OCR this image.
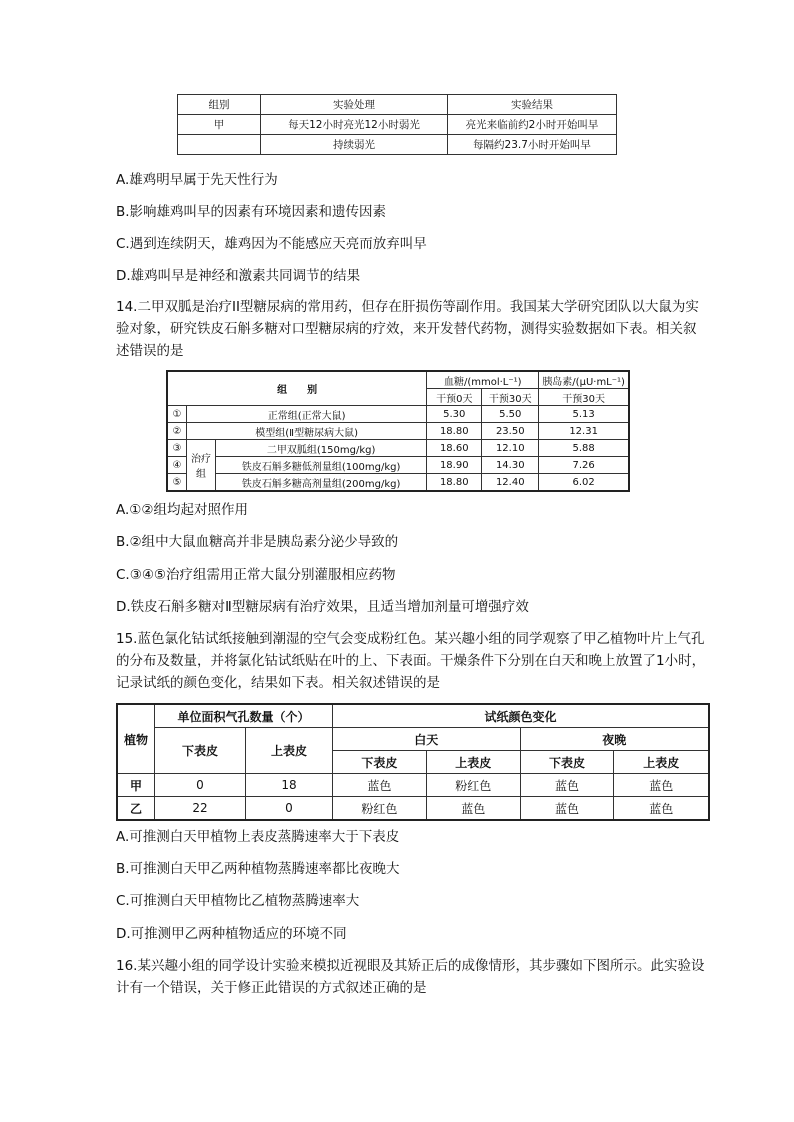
组别	实验处理	实验结果
甲	每天12小时亮光12小时弱光	亮光来临前约2小时开始叫早
	持续弱光	每隔约23.7小时开始叫早
A.雄鸡明早属于先天性行为
B.影响雄鸡叫早的因素有环境因素和遗传因素
C.遇到连续阴天，雄鸡因为不能感应天亮而放弃叫早
D.雄鸡叫早是神经和激素共同调节的结果
14.二甲双胍是治疗II型糖尿病的常用药，但存在肝损伤等副作用。我国某大学研究团队以大鼠为实验对象，研究铁皮石斛多糖对口型糖尿病的疗效，来开发替代药物，测得实验数据如下表。相关叙述错误的是
组　　别			血糖/(mmol·L⁻¹)		胰岛素/(μU·mL⁻¹)
			干预0天	干预30天	干预30天
①	正常组(正常大鼠)		5.30	5.50	5.13
②	模型组(Ⅱ型糖尿病大鼠)		18.80	23.50	12.31
③	治疗组	二甲双胍组(150mg/kg)	18.60	12.10	5.88
④		铁皮石斛多糖低剂量组(100mg/kg)	18.90	14.30	7.26
⑤		铁皮石斛多糖高剂量组(200mg/kg)	18.80	12.40	6.02
A.①②组均起对照作用
B.②组中大鼠血糖高并非是胰岛素分泌少导致的
C.③④⑤治疗组需用正常大鼠分别灌服相应药物
D.铁皮石斛多糖对Ⅱ型糖尿病有治疗效果，且适当增加剂量可增强疗效
15.蓝色氯化钴试纸接触到潮湿的空气会变成粉红色。某兴趣小组的同学观察了甲乙植物叶片上气孔的分布及数量，并将氯化钴试纸贴在叶的上、下表面。干燥条件下分别在白天和晚上放置了1小时，记录试纸的颜色变化，结果如下表。相关叙述错误的是
植物	单位面积气孔数量（个）		试纸颜色变化			
	下表皮	上表皮	白天		夜晚	
			下表皮	上表皮	下表皮	上表皮
甲	0	18	蓝色	粉红色	蓝色	蓝色
乙	22	0	粉红色	蓝色	蓝色	蓝色
A.可推测白天甲植物上表皮蒸腾速率大于下表皮
B.可推测白天甲乙两种植物蒸腾速率都比夜晚大
C.可推测白天甲植物比乙植物蒸腾速率大
D.可推测甲乙两种植物适应的环境不同
16.某兴趣小组的同学设计实验来模拟近视眼及其矫正后的成像情形，其步骤如下图所示。此实验设计有一个错误，关于修正此错误的方式叙述正确的是
